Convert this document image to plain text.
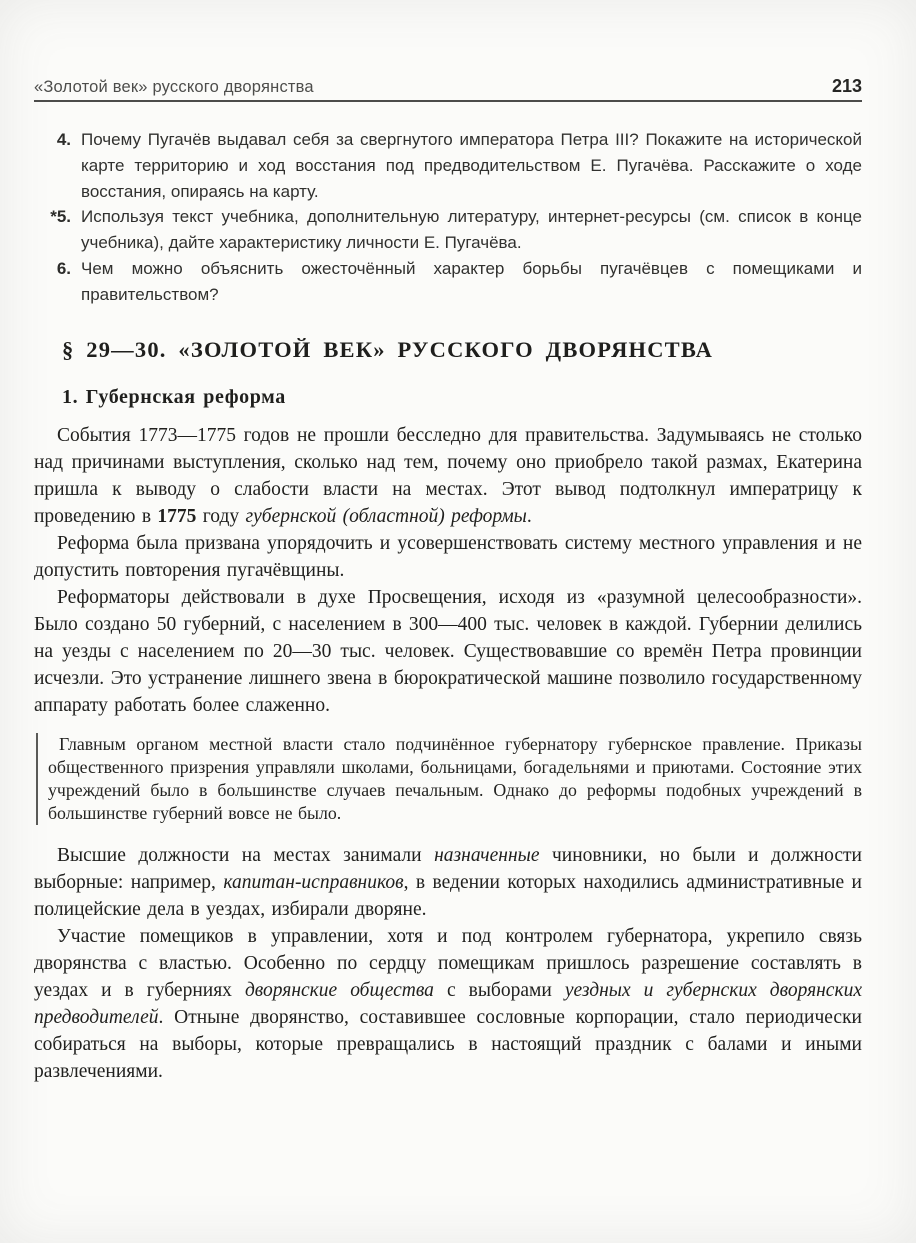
«Золотой век» русского дворянства	213
4. Почему Пугачёв выдавал себя за свергнутого императора Петра III? Покажите на исторической карте территорию и ход восстания под предводительством Е. Пугачёва. Расскажите о ходе восстания, опираясь на карту.
*5. Используя текст учебника, дополнительную литературу, интернет-ресурсы (см. список в конце учебника), дайте характеристику личности Е. Пугачёва.
6. Чем можно объяснить ожесточённый характер борьбы пугачёвцев с помещиками и правительством?
§ 29—30. «ЗОЛОТОЙ ВЕК» РУССКОГО ДВОРЯНСТВА
1. Губернская реформа

События 1773—1775 годов не прошли бесследно для правительства. Задумываясь не столько над причинами выступления, сколько над тем, почему оно приобрело такой размах, Екатерина пришла к выводу о слабости власти на местах. Этот вывод подтолкнул императрицу к проведению в 1775 году губернской (областной) реформы.

Реформа была призвана упорядочить и усовершенствовать систему местного управления и не допустить повторения пугачёвщины.

Реформаторы действовали в духе Просвещения, исходя из «разумной целесообразности». Было создано 50 губерний, с населением в 300—400 тыс. человек в каждой. Губернии делились на уезды с населением по 20—30 тыс. человек. Существовавшие со времён Петра провинции исчезли. Это устранение лишнего звена в бюрократической машине позволило государственному аппарату работать более слаженно.

Главным органом местной власти стало подчинённое губернатору губернское правление. Приказы общественного призрения управляли школами, больницами, богадельнями и приютами. Состояние этих учреждений было в большинстве случаев печальным. Однако до реформы подобных учреждений в большинстве губерний вовсе не было.

Высшие должности на местах занимали назначенные чиновники, но были и должности выборные: например, капитан-исправников, в ведении которых находились административные и полицейские дела в уездах, избирали дворяне.

Участие помещиков в управлении, хотя и под контролем губернатора, укрепило связь дворянства с властью. Особенно по сердцу помещикам пришлось разрешение составлять в уездах и в губерниях дворянские общества с выборами уездных и губернских дворянских предводителей. Отныне дворянство, составившее сословные корпорации, стало периодически собираться на выборы, которые превращались в настоящий праздник с балами и иными развлечениями.
